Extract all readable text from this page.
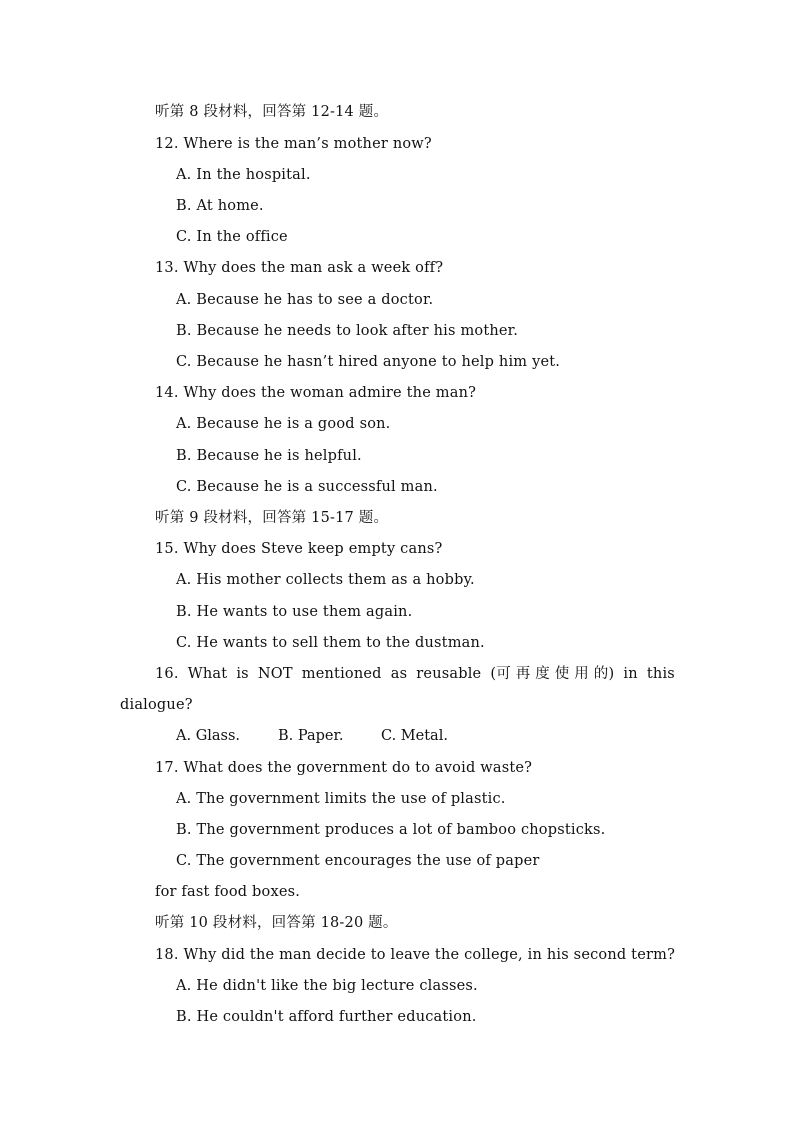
听第 8 段材料，回答第 12-14 题。
12. Where is the man’s mother now?
A. In the hospital.
B. At home.
C. In the office
13. Why does the man ask a week off?
A. Because he has to see a doctor.
B. Because he needs to look after his mother.
C. Because he hasn’t hired anyone to help him yet.
14. Why does the woman admire the man?
A. Because he is a good son.
B. Because he is helpful.
C. Because he is a successful man.
听第 9 段材料，回答第 15-17 题。
15. Why does Steve keep empty cans?
A. His mother collects them as a hobby.
B. He wants to use them again.
C. He wants to sell them to the dustman.
16. What is NOT mentioned as reusable (可 再 度 使 用 的) in this
dialogue?
A. Glass.	B. Paper.	C. Metal.
17. What does the government do to avoid waste?
A. The government limits the use of plastic.
B. The government produces a lot of bamboo chopsticks.
C. The government encourages the use of paper
for fast food boxes.
听第 10 段材料，回答第 18-20 题。
18. Why did the man decide to leave the college, in his second term?
A. He didn't like the big lecture classes.
B. He couldn't afford further education.
